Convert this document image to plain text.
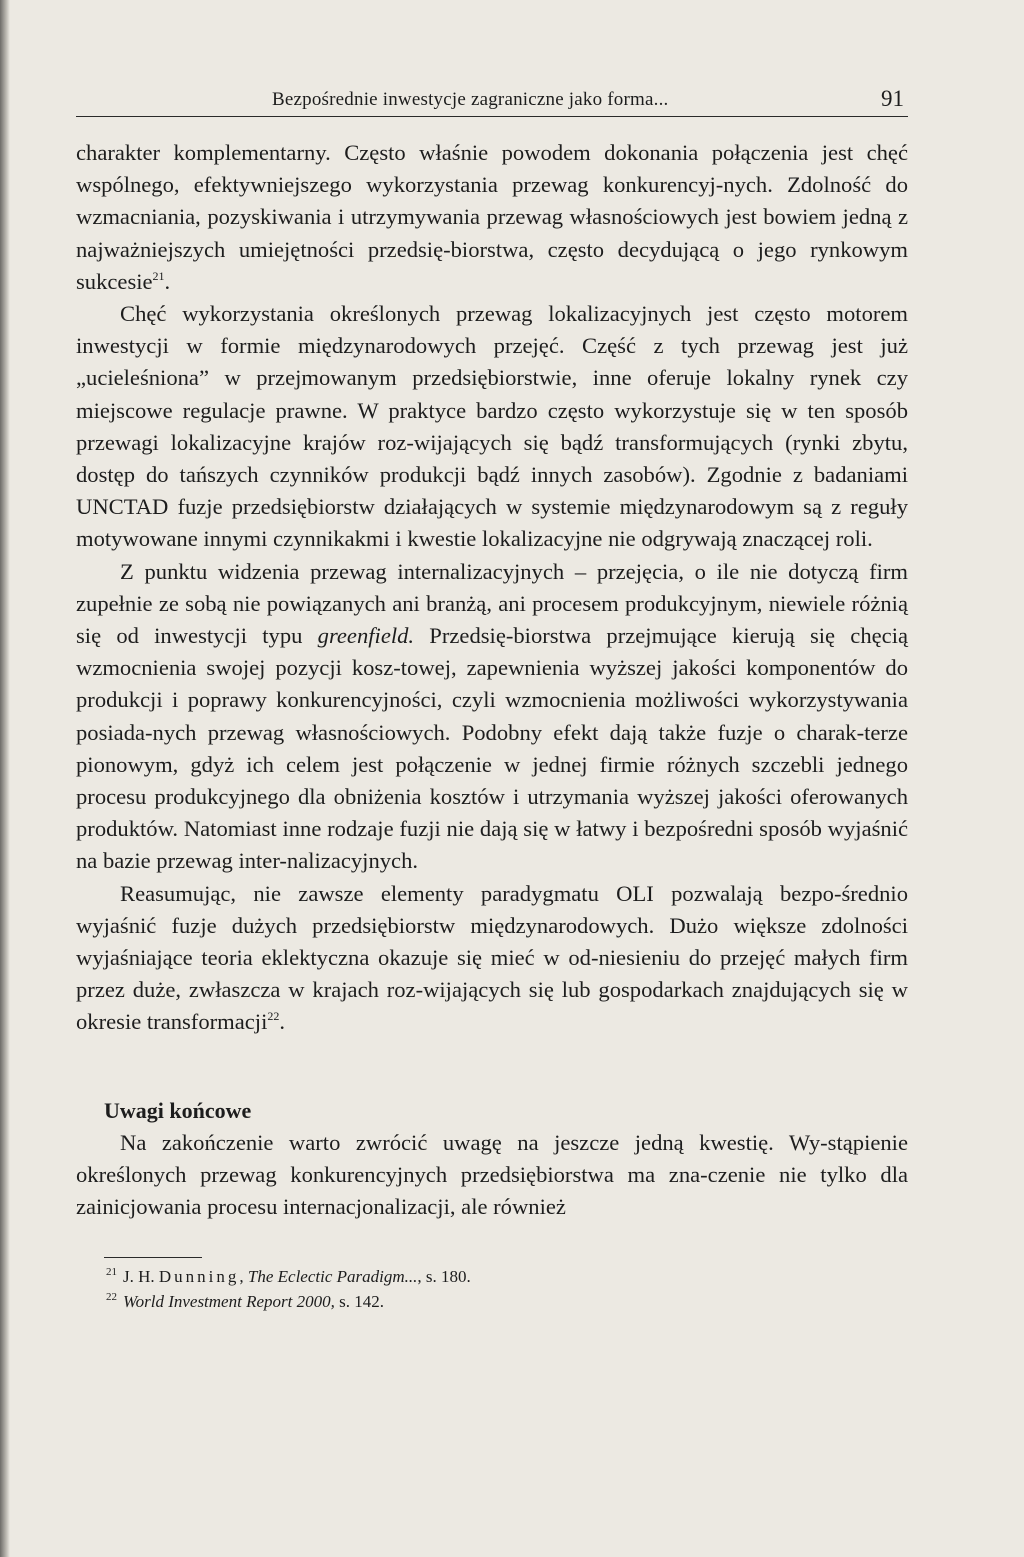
Bezpośrednie inwestycje zagraniczne jako forma...	91

charakter komplementarny. Często właśnie powodem dokonania połączenia jest chęć wspólnego, efektywniejszego wykorzystania przewag konkurencyj-nych. Zdolność do wzmacniania, pozyskiwania i utrzymywania przewag własnościowych jest bowiem jedną z najważniejszych umiejętności przedsię-biorstwa, często decydującą o jego rynkowym sukcesie$^{21}$.

Chęć wykorzystania określonych przewag lokalizacyjnych jest często motorem inwestycji w formie międzynarodowych przejęć. Część z tych przewag jest już „ucieleśniona” w przejmowanym przedsiębiorstwie, inne oferuje lokalny rynek czy miejscowe regulacje prawne. W praktyce bardzo często wykorzystuje się w ten sposób przewagi lokalizacyjne krajów roz-wijających się bądź transformujących (rynki zbytu, dostęp do tańszych czynników produkcji bądź innych zasobów). Zgodnie z badaniami UNCTAD fuzje przedsiębiorstw działających w systemie międzynarodowym są z reguły motywowane innymi czynnikakmi i kwestie lokalizacyjne nie odgrywają znaczącej roli.

Z punktu widzenia przewag internalizacyjnych – przejęcia, o ile nie dotyczą firm zupełnie ze sobą nie powiązanych ani branżą, ani procesem produkcyjnym, niewiele różnią się od inwestycji typu greenfield. Przedsię-biorstwa przejmujące kierują się chęcią wzmocnienia swojej pozycji kosz-towej, zapewnienia wyższej jakości komponentów do produkcji i poprawy konkurencyjności, czyli wzmocnienia możliwości wykorzystywania posiada-nych przewag własnościowych. Podobny efekt dają także fuzje o charak-terze pionowym, gdyż ich celem jest połączenie w jednej firmie różnych szczebli jednego procesu produkcyjnego dla obniżenia kosztów i utrzymania wyższej jakości oferowanych produktów. Natomiast inne rodzaje fuzji nie dają się w łatwy i bezpośredni sposób wyjaśnić na bazie przewag inter-nalizacyjnych.

Reasumując, nie zawsze elementy paradygmatu OLI pozwalają bezpo-średnio wyjaśnić fuzje dużych przedsiębiorstw międzynarodowych. Dużo większe zdolności wyjaśniające teoria eklektyczna okazuje się mieć w od-niesieniu do przejęć małych firm przez duże, zwłaszcza w krajach roz-wijających się lub gospodarkach znajdujących się w okresie transformacji$^{22}$.

Uwagi końcowe

Na zakończenie warto zwrócić uwagę na jeszcze jedną kwestię. Wy-stąpienie określonych przewag konkurencyjnych przedsiębiorstwa ma zna-czenie nie tylko dla zainicjowania procesu internacjonalizacji, ale również

$^{21}$ J. H. Dunning, The Eclectic Paradigm..., s. 180.
$^{22}$ World Investment Report 2000, s. 142.
